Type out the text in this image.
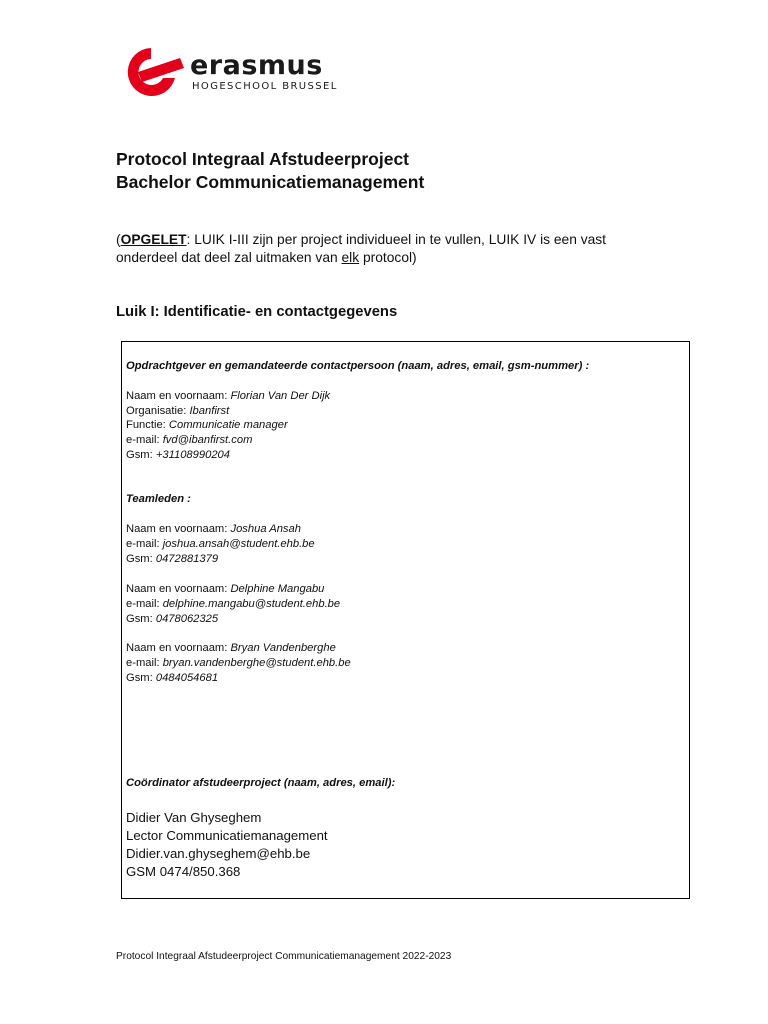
erasmus
HOGESCHOOL BRUSSEL
Protocol Integraal Afstudeerproject
Bachelor Communicatiemanagement
(OPGELET: LUIK I-III zijn per project individueel in te vullen, LUIK IV is een vast onderdeel dat deel zal uitmaken van elk protocol)
Luik I: Identificatie- en contactgegevens
Opdrachtgever en gemandateerde contactpersoon (naam, adres, email, gsm-nummer) :
Naam en voornaam: Florian Van Der Dijk
Organisatie: Ibanfirst
Functie: Communicatie manager
e-mail: fvd@ibanfirst.com
Gsm: +31108990204
Teamleden :
Naam en voornaam: Joshua Ansah
e-mail: joshua.ansah@student.ehb.be
Gsm: 0472881379
Naam en voornaam: Delphine Mangabu
e-mail: delphine.mangabu@student.ehb.be
Gsm: 0478062325
Naam en voornaam: Bryan Vandenberghe
e-mail: bryan.vandenberghe@student.ehb.be
Gsm: 0484054681
Coördinator afstudeerproject (naam, adres, email):
Didier Van Ghyseghem
Lector Communicatiemanagement
Didier.van.ghyseghem@ehb.be
GSM 0474/850.368
Protocol Integraal Afstudeerproject Communicatiemanagement 2022-2023
